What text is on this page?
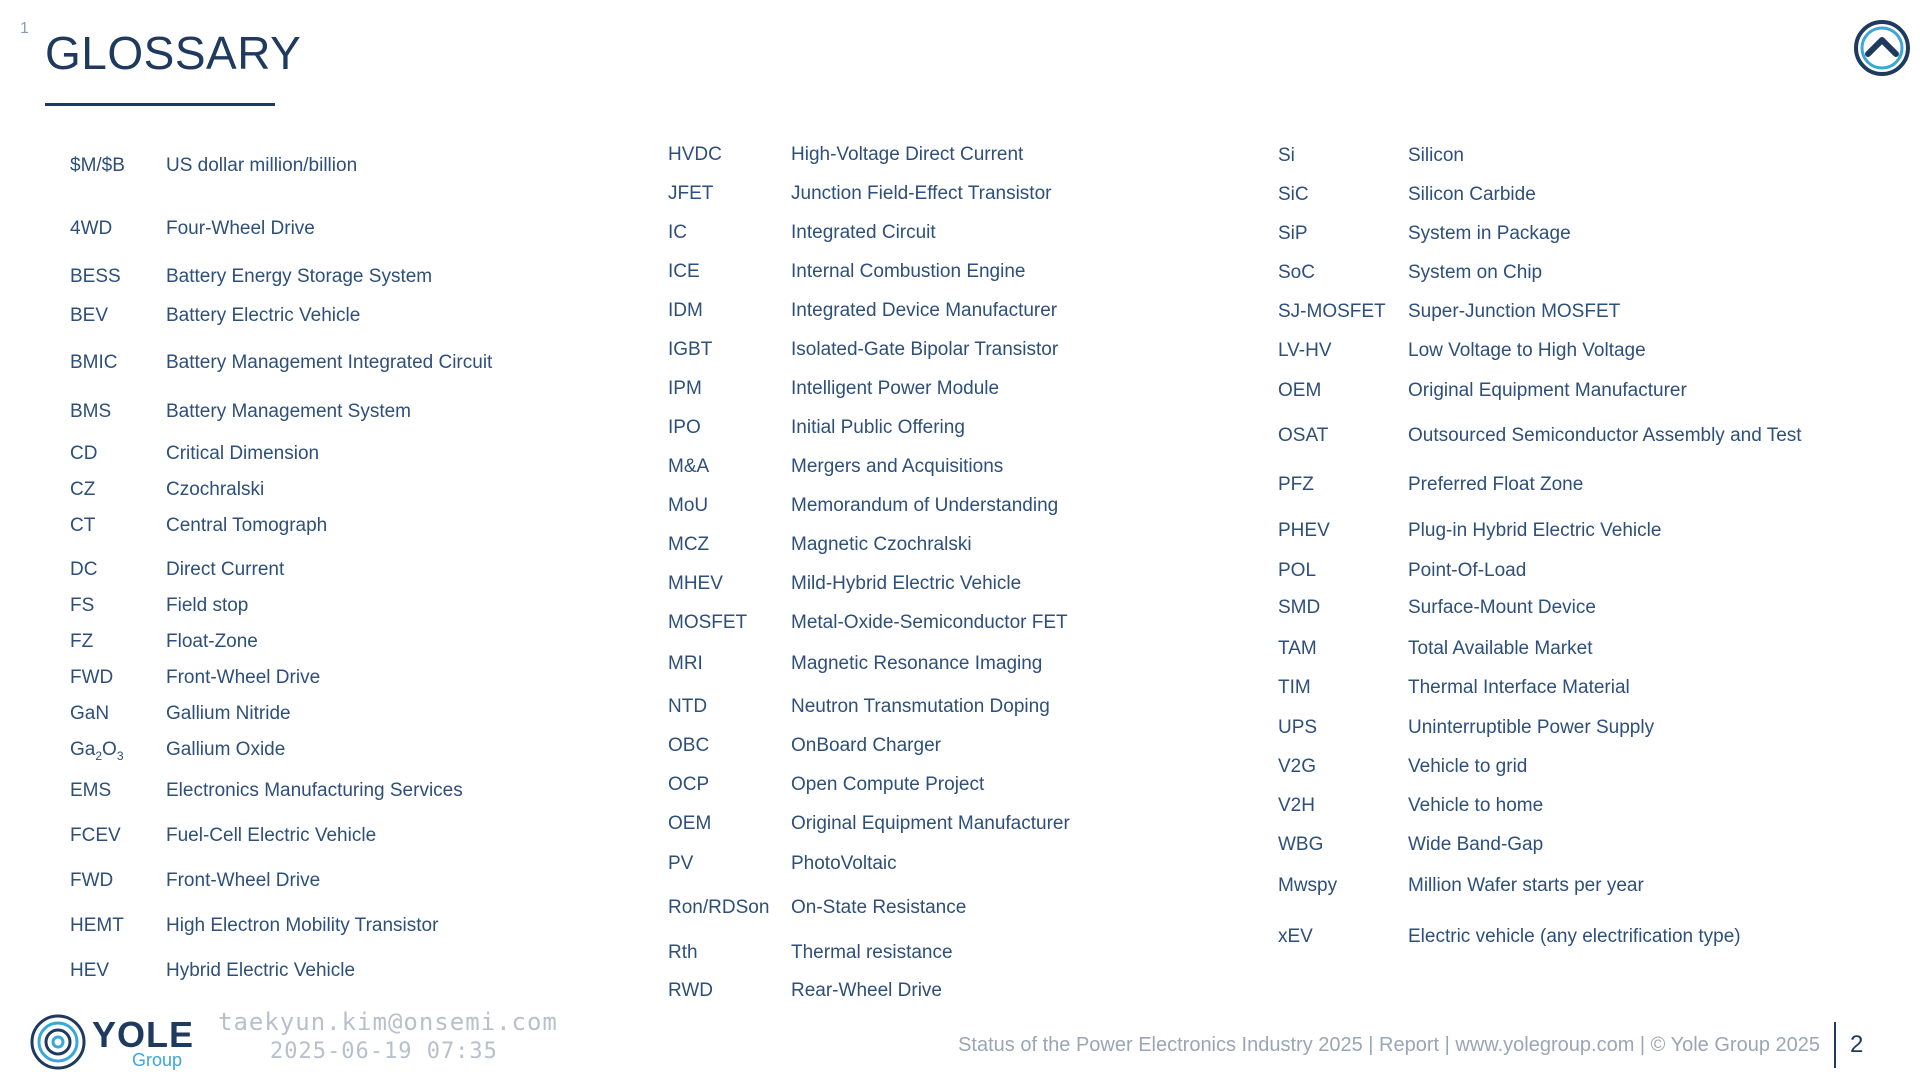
1 GLOSSARY
$M/$B US dollar million/billion
4WD	Four-Wheel Drive
BESS Battery Energy Storage System
BEV	Battery Electric Vehicle
BMIC	Battery Management Integrated Circuit
BMS	Battery Management System
CD	Critical Dimension
CZ	Czochralski
CT	Central Tomograph
DC	Direct Current
FS	Field stop
FZ	Float-Zone
FWD	Front-Wheel Drive
GaN	Gallium Nitride
$Ga_2O_3$ Gallium Oxide
EMS	Electronics Manufacturing Services
FCEV Fuel-Cell Electric Vehicle
FWD	Front-Wheel Drive
HEMT High Electron Mobility Transistor
HEV	Hybrid Electric Vehicle
HVDC	High-Voltage Direct Current
JFET	Junction Field-Effect Transistor
IC	Integrated Circuit
ICE	Internal Combustion Engine
IDM	Integrated Device Manufacturer
IGBT	Isolated-Gate Bipolar Transistor
IPM	Intelligent Power Module
IPO	Initial Public Offering
M&A	Mergers and Acquisitions
MoU	Memorandum of Understanding
MCZ	Magnetic Czochralski
MHEV	Mild-Hybrid Electric Vehicle
MOSFET Metal-Oxide-Semiconductor FET
MRI	Magnetic Resonance Imaging
NTD	Neutron Transmutation Doping
OBC	OnBoard Charger
OCP	Open Compute Project
OEM	Original Equipment Manufacturer
PV	PhotoVoltaic
Ron/RDSon On-State Resistance
Rth	Thermal resistance
RWD	Rear-Wheel Drive
Si	Silicon
SiC	Silicon Carbide
SiP	System in Package
SoC	System on Chip
SJ-MOSFET Super-Junction MOSFET
LV-HV	Low Voltage to High Voltage
OEM	Original Equipment Manufacturer
OSAT	Outsourced Semiconductor Assembly and Test
PFZ	Preferred Float Zone
PHEV	Plug-in Hybrid Electric Vehicle
POL	Point-Of-Load
SMD	Surface-Mount Device
TAM	Total Available Market
TIM	Thermal Interface Material
UPS	Uninterruptible Power Supply
V2G	Vehicle to grid
V2H	Vehicle to home
WBG	Wide Band-Gap
Mwspy	Million Wafer starts per year
xEV	Electric vehicle (any electrification type)
YOLE
Group
taekyun.kim@onsemi.com
2025-06-19 07:35	Status of the Power Electronics Industry 2025 | Report | www.yolegroup.com | © Yole Group 2025 2
